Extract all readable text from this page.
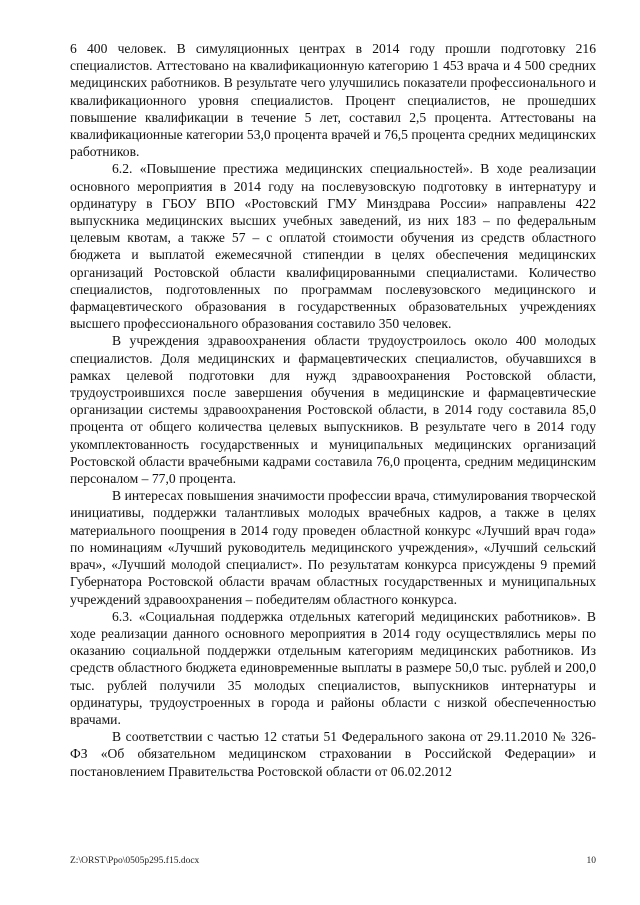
6 400 человек. В симуляционных центрах в 2014 году прошли подготовку 216 специалистов. Аттестовано на квалификационную категорию 1 453 врача и 4 500 средних медицинских работников. В результате чего улучшились показатели профессионального и квалификационного уровня специалистов. Процент специалистов, не прошедших повышение квалификации в течение 5 лет, составил 2,5 процента. Аттестованы на квалификационные категории 53,0 процента врачей и 76,5 процента средних медицинских работников.

6.2. «Повышение престижа медицинских специальностей». В ходе реализации основного мероприятия в 2014 году на послевузовскую подготовку в интернатуру и ординатуру в ГБОУ ВПО «Ростовский ГМУ Минздрава России» направлены 422 выпускника медицинских высших учебных заведений, из них 183 – по федеральным целевым квотам, а также 57 – с оплатой стоимости обучения из средств областного бюджета и выплатой ежемесячной стипендии в целях обеспечения медицинских организаций Ростовской области квалифицированными специалистами. Количество специалистов, подготовленных по программам послевузовского медицинского и фармацевтического образования в государственных образовательных учреждениях высшего профессионального образования составило 350 человек.

В учреждения здравоохранения области трудоустроилось около 400 молодых специалистов. Доля медицинских и фармацевтических специалистов, обучавшихся в рамках целевой подготовки для нужд здравоохранения Ростовской области, трудоустроившихся после завершения обучения в медицинские и фармацевтические организации системы здравоохранения Ростовской области, в 2014 году составила 85,0 процента от общего количества целевых выпускников. В результате чего в 2014 году укомплектованность государственных и муниципальных медицинских организаций Ростовской области врачебными кадрами составила 76,0 процента, средним медицинским персоналом – 77,0 процента.

В интересах повышения значимости профессии врача, стимулирования творческой инициативы, поддержки талантливых молодых врачебных кадров, а также в целях материального поощрения в 2014 году проведен областной конкурс «Лучший врач года» по номинациям «Лучший руководитель медицинского учреждения», «Лучший сельский врач», «Лучший молодой специалист». По результатам конкурса присуждены 9 премий Губернатора Ростовской области врачам областных государственных и муниципальных учреждений здравоохранения – победителям областного конкурса.

6.3. «Социальная поддержка отдельных категорий медицинских работников». В ходе реализации данного основного мероприятия в 2014 году осуществлялись меры по оказанию социальной поддержки отдельным категориям медицинских работников. Из средств областного бюджета единовременные выплаты в размере 50,0 тыс. рублей и 200,0 тыс. рублей получили 35 молодых специалистов, выпускников интернатуры и ординатуры, трудоустроенных в города и районы области с низкой обеспеченностью врачами.

В соответствии с частью 12 статьи 51 Федерального закона от 29.11.2010 № 326-ФЗ «Об обязательном медицинском страховании в Российской Федерации» и постановлением Правительства Ростовской области от 06.02.2012

Z:\ORST\Ppo\0505p295.f15.docx	10
